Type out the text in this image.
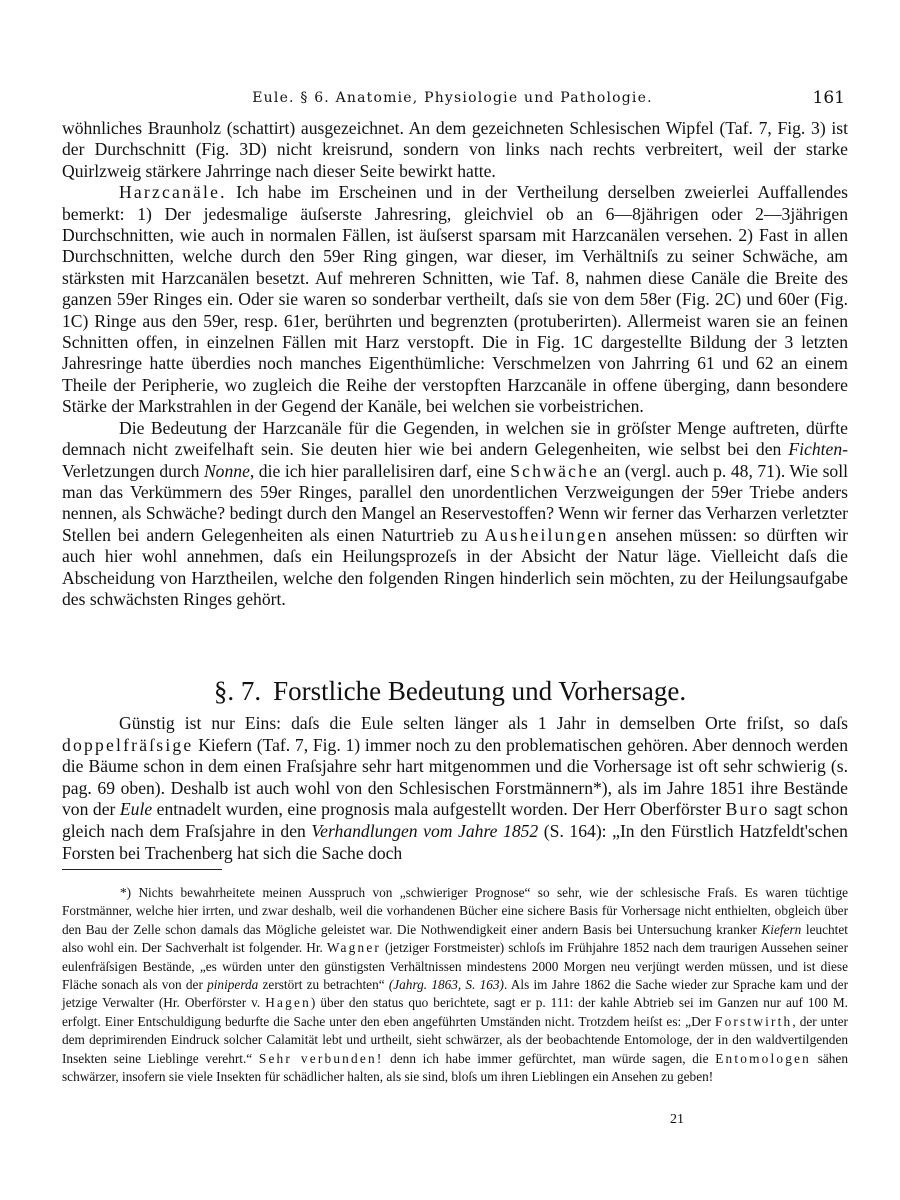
Eule. § 6. Anatomie, Physiologie und Pathologie.	161

wöhnliches Braunholz (schattirt) ausgezeichnet. An dem gezeichneten Schlesischen Wipfel (Taf. 7, Fig. 3) ist der Durchschnitt (Fig. 3D) nicht kreisrund, sondern von links nach rechts verbreitert, weil der starke Quirlzweig stärkere Jahrringe nach dieser Seite bewirkt hatte.

Harzcanäle. Ich habe im Erscheinen und in der Vertheilung derselben zweierlei Auffallendes bemerkt: 1) Der jedesmalige äuſserste Jahresring, gleichviel ob an 6—8jährigen oder 2—3jährigen Durchschnitten, wie auch in normalen Fällen, ist äuſserst sparsam mit Harzcanälen versehen. 2) Fast in allen Durchschnitten, welche durch den 59er Ring gingen, war dieser, im Verhältniſs zu seiner Schwäche, am stärksten mit Harzcanälen besetzt. Auf mehreren Schnitten, wie Taf. 8, nahmen diese Canäle die Breite des ganzen 59er Ringes ein. Oder sie waren so sonderbar vertheilt, daſs sie von dem 58er (Fig. 2C) und 60er (Fig. 1C) Ringe aus den 59er, resp. 61er, berührten und begrenzten (protuberirten). Allermeist waren sie an feinen Schnitten offen, in einzelnen Fällen mit Harz verstopft. Die in Fig. 1C dargestellte Bildung der 3 letzten Jahresringe hatte überdies noch manches Eigenthümliche: Verschmelzen von Jahrring 61 und 62 an einem Theile der Peripherie, wo zugleich die Reihe der verstopften Harzcanäle in offene überging, dann besondere Stärke der Markstrahlen in der Gegend der Kanäle, bei welchen sie vorbeistrichen.

Die Bedeutung der Harzcanäle für die Gegenden, in welchen sie in gröſster Menge auftreten, dürfte demnach nicht zweifelhaft sein. Sie deuten hier wie bei andern Gelegenheiten, wie selbst bei den Fichten-Verletzungen durch Nonne, die ich hier parallelisiren darf, eine Schwäche an (vergl. auch p. 48, 71). Wie soll man das Verkümmern des 59er Ringes, parallel den unordentlichen Verzweigungen der 59er Triebe anders nennen, als Schwäche? bedingt durch den Mangel an Reservestoffen? Wenn wir ferner das Verharzen verletzter Stellen bei andern Gelegenheiten als einen Naturtrieb zu Ausheilungen ansehen müssen: so dürften wir auch hier wohl annehmen, daſs ein Heilungsprozeſs in der Absicht der Natur läge. Vielleicht daſs die Abscheidung von Harztheilen, welche den folgenden Ringen hinderlich sein möchten, zu der Heilungsaufgabe des schwächsten Ringes gehört.

§. 7. Forstliche Bedeutung und Vorhersage.

Günstig ist nur Eins: daſs die Eule selten länger als 1 Jahr in demselben Orte friſst, so daſs doppelfräſsige Kiefern (Taf. 7, Fig. 1) immer noch zu den problematischen gehören. Aber dennoch werden die Bäume schon in dem einen Fraſsjahre sehr hart mitgenommen und die Vorhersage ist oft sehr schwierig (s. pag. 69 oben). Deshalb ist auch wohl von den Schlesischen Forstmännern*), als im Jahre 1851 ihre Bestände von der Eule entnadelt wurden, eine prognosis mala aufgestellt worden. Der Herr Oberförster Buro sagt schon gleich nach dem Fraſsjahre in den Verhandlungen vom Jahre 1852 (S. 164): „In den Fürstlich Hatzfeldt'schen Forsten bei Trachenberg hat sich die Sache doch

*) Nichts bewahrheitete meinen Ausspruch von „schwieriger Prognose“ so sehr, wie der schlesische Fraſs. Es waren tüchtige Forstmänner, welche hier irrten, und zwar deshalb, weil die vorhandenen Bücher eine sichere Basis für Vorhersage nicht enthielten, obgleich über den Bau der Zelle schon damals das Mögliche geleistet war. Die Nothwendigkeit einer andern Basis bei Untersuchung kranker Kiefern leuchtet also wohl ein. Der Sachverhalt ist folgender. Hr. Wagner (jetziger Forstmeister) schloſs im Frühjahre 1852 nach dem traurigen Aussehen seiner eulenfräſsigen Bestände, „es würden unter den günstigsten Verhältnissen mindestens 2000 Morgen neu verjüngt werden müssen, und ist diese Fläche sonach als von der piniperda zerstört zu betrachten“ (Jahrg. 1863, S. 163). Als im Jahre 1862 die Sache wieder zur Sprache kam und der jetzige Verwalter (Hr. Oberförster v. Hagen) über den status quo berichtete, sagt er p. 111: der kahle Abtrieb sei im Ganzen nur auf 100 M. erfolgt. Einer Entschuldigung bedurfte die Sache unter den eben angeführten Umständen nicht. Trotzdem heiſst es: „Der Forstwirth, der unter dem deprimirenden Eindruck solcher Calamität lebt und urtheilt, sieht schwärzer, als der beobachtende Entomologe, der in den waldvertilgenden Insekten seine Lieblinge verehrt.“ Sehr verbunden! denn ich habe immer gefürchtet, man würde sagen, die Entomologen sähen schwärzer, insofern sie viele Insekten für schädlicher halten, als sie sind, bloſs um ihren Lieblingen ein Ansehen zu geben!

21
